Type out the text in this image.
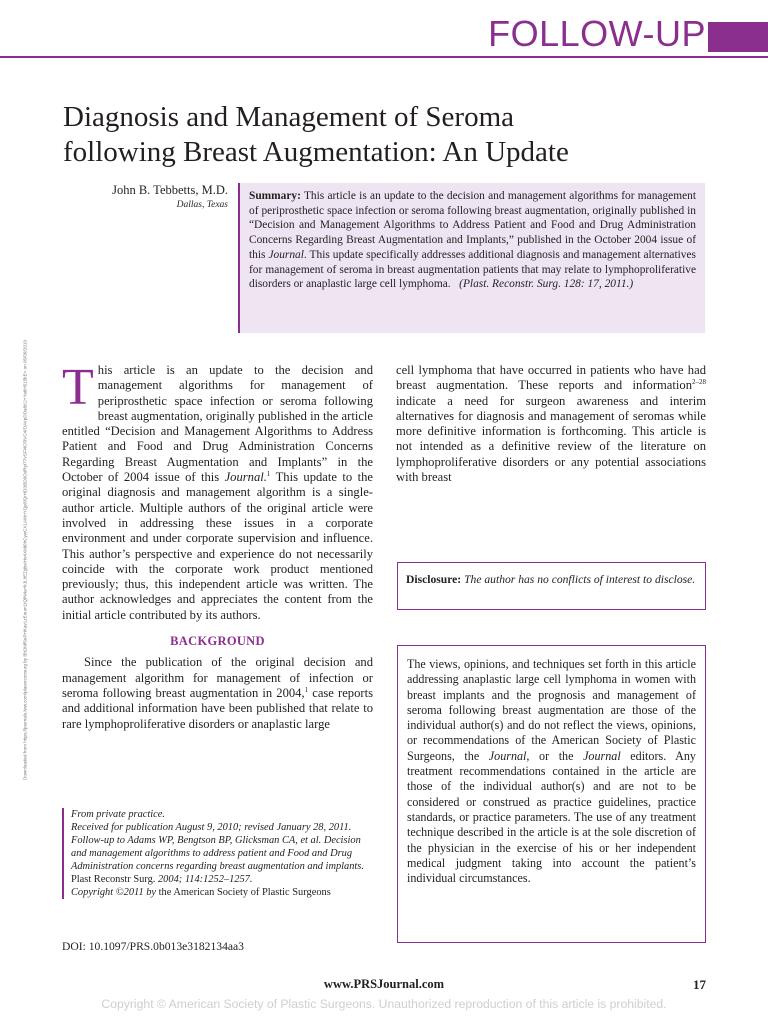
FOLLOW-UP
Diagnosis and Management of Seroma
following Breast Augmentation: An Update
John B. Tebbetts, M.D.
Dallas, Texas
Summary: This article is an update to the decision and management algorithms for management of periprosthetic space infection or seroma following breast augmentation, originally published in “Decision and Management Algorithms to Address Patient and Food and Drug Administration Concerns Regarding Breast Augmentation and Implants,” published in the October 2004 issue of this Journal. This update specifically addresses additional diagnosis and management alternatives for management of seroma in breast augmentation patients that may relate to lymphoproliferative disorders or anaplastic large cell lymphoma. (Plast. Reconstr. Surg. 128: 17, 2011.)
Downloaded from https://journals.lww.com/plasreconsurg by BhDMf5ePHKav1zEoum1tQfN4a+kJLhEZgbsIHo4XMi0hCywCX1AWnYQp/IlQrHD3i3D0OdRyi7TvSFl4Cf3VC4/OAVpDDa8K2+Ya6H515kE= on 05/09/2019 This article is an update to the decision and management algorithms for management of periprosthetic space infection or seroma following breast augmentation, originally published in the article entitled “Decision and Management Algorithms to Address Patient and Food and Drug Administration Concerns Regarding Breast Augmentation and Implants” in the October of 2004 issue of this Journal.$^1$ This update to the original diagnosis and management algorithm is a single-author article. Multiple authors of the original article were involved in addressing these issues in a corporate environment and under corporate supervision and influence. This author’s perspective and experience do not necessarily coincide with the corporate work product mentioned previously; thus, this independent article was written. The author acknowledges and appreciates the content from the initial article contributed by its authors.

BACKGROUND

Since the publication of the original decision and management algorithm for management of infection or seroma following breast augmentation in 2004,$^1$ case reports and additional information have been published that relate to rare lymphoproliferative disorders or anaplastic large

cell lymphoma that have occurred in patients who have had breast augmentation. These reports and information$^{2-28}$ indicate a need for surgeon awareness and interim alternatives for diagnosis and management of seromas while more definitive information is forthcoming. This article is not intended as a definitive review of the literature on lymphoproliferative disorders or any potential associations with breast

From private practice.
Received for publication August 9, 2010; revised January 28, 2011.
Follow-up to Adams WP, Bengtson BP, Glicksman CA, et al. Decision and management algorithms to address patient and Food and Drug Administration concerns regarding breast augmentation and implants. Plast Reconstr Surg. 2004; 114:1252–1257.
Copyright ©2011 by the American Society of Plastic Surgeons
DOI: 10.1097/PRS.0b013e3182134aa3
Disclosure: The author has no conflicts of interest to disclose.
The views, opinions, and techniques set forth in this article addressing anaplastic large cell lymphoma in women with breast implants and the prognosis and management of seroma following breast augmentation are those of the individual author(s) and do not reflect the views, opinions, or recommendations of the American Society of Plastic Surgeons, the Journal, or the Journal editors. Any treatment recommendations contained in the article are those of the individual author(s) and are not to be considered or construed as practice guidelines, practice standards, or practice parameters. The use of any treatment technique described in the article is at the sole discretion of the physician in the exercise of his or her independent medical judgment taking into account the patient’s individual circumstances.
www.PRSJournal.com	17
Copyright © American Society of Plastic Surgeons. Unauthorized reproduction of this article is prohibited.
